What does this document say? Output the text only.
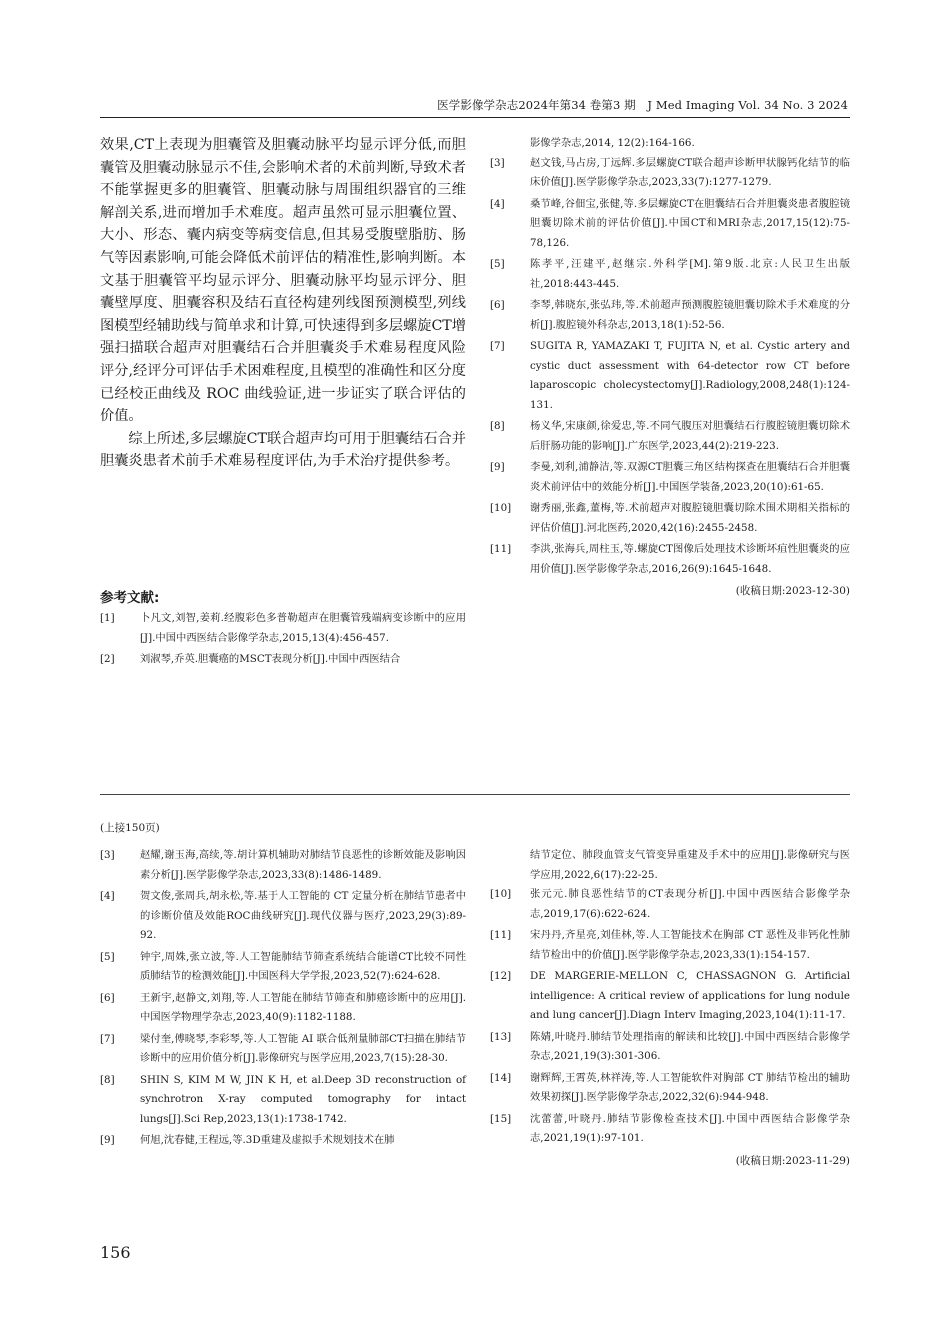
医学影像学杂志2024年第34 卷第3 期　J Med Imaging Vol. 34 No. 3 2024

效果,CT上表现为胆囊管及胆囊动脉平均显示评分低,而胆囊管及胆囊动脉显示不佳,会影响术者的术前判断,导致术者不能掌握更多的胆囊管、胆囊动脉与周围组织器官的三维解剖关系,进而增加手术难度。超声虽然可显示胆囊位置、大小、形态、囊内病变等病变信息,但其易受腹壁脂肪、肠气等因素影响,可能会降低术前评估的精准性,影响判断。本文基于胆囊管平均显示评分、胆囊动脉平均显示评分、胆囊壁厚度、胆囊容积及结石直径构建列线图预测模型,列线图模型经辅助线与简单求和计算,可快速得到多层螺旋CT增强扫描联合超声对胆囊结石合并胆囊炎手术难易程度风险评分,经评分可评估手术困难程度,且模型的准确性和区分度已经校正曲线及 ROC 曲线验证,进一步证实了联合评估的价值。

综上所述,多层螺旋CT联合超声均可用于胆囊结石合并胆囊炎患者术前手术难易程度评估,为手术治疗提供参考。

参考文献:
[1]	卜凡文,刘智,姜莉.经腹彩色多普勒超声在胆囊管残端病变诊断中的应用[J].中国中西医结合影像学杂志,2015,13(4):456-457.
[2]	刘淑琴,乔英.胆囊癌的MSCT表现分析[J].中国中西医结合
影像学杂志,2014, 12(2):164-166.
[3]	赵文钱,马占房,丁远辉.多层螺旋CT联合超声诊断甲状腺钙化结节的临床价值[J].医学影像学杂志,2023,33(7):1277-1279.
[4]	桑节峰,谷佃宝,张健,等.多层螺旋CT在胆囊结石合并胆囊炎患者腹腔镜胆囊切除术前的评估价值[J].中国CT和MRI杂志,2017,15(12):75-78,126.
[5]	陈孝平,汪建平,赵继宗.外科学[M].第9版.北京:人民卫生出版社,2018:443-445.
[6]	李琴,韩晓东,张弘玮,等.术前超声预测腹腔镜胆囊切除术手术难度的分析[J].腹腔镜外科杂志,2013,18(1):52-56.
[7]	SUGITA R, YAMAZAKI T, FUJITA N, et al. Cystic artery and cystic duct assessment with 64-detector row CT before laparoscopic cholecystectomy[J].Radiology,2008,248(1):124-131.
[8]	杨义华,宋康颜,徐爱忠,等.不同气腹压对胆囊结石行腹腔镜胆囊切除术后肝肠功能的影响[J].广东医学,2023,44(2):219-223.
[9]	李曼,刘利,浦静洁,等.双源CT胆囊三角区结构探查在胆囊结石合并胆囊炎术前评估中的效能分析[J].中国医学装备,2023,20(10):61-65.
[10]	谢秀丽,张鑫,董梅,等.术前超声对腹腔镜胆囊切除术围术期相关指标的评估价值[J].河北医药,2020,42(16):2455-2458.
[11]	李洪,张海兵,周柱玉,等.螺旋CT图像后处理技术诊断坏疽性胆囊炎的应用价值[J].医学影像学杂志,2016,26(9):1645-1648.
(收稿日期:2023-12-30)
(上接150页)
[3]	赵耀,谢玉海,高续,等.胡计算机辅助对肺结节良恶性的诊断效能及影响因素分析[J].医学影像学杂志,2023,33(8):1486-1489.
[4]	贺文俊,张周兵,胡永松,等.基于人工智能的 CT 定量分析在肺结节患者中的诊断价值及效能ROC曲线研究[J].现代仪器与医疗,2023,29(3):89-92.
[5]	钟宇,周姝,张立波,等.人工智能肺结节筛查系统结合能谱CT比较不同性质肺结节的检测效能[J].中国医科大学学报,2023,52(7):624-628.
[6]	王新宇,赵静文,刘翔,等.人工智能在肺结节筛查和肺癌诊断中的应用[J].中国医学物理学杂志,2023,40(9):1182-1188.
[7]	梁付奎,傅晓琴,李彩琴,等.人工智能 AI 联合低剂量肺部CT扫描在肺结节诊断中的应用价值分析[J].影像研究与医学应用,2023,7(15):28-30.
[8]	SHIN S, KIM M W, JIN K H, et al.Deep 3D reconstruction of synchrotron X-ray computed tomography for intact lungs[J].Sci Rep,2023,13(1):1738-1742.
[9]	何旭,沈春健,王程远,等.3D重建及虚拟手术规划技术在肺
结节定位、肺段血管支气管变异重建及手术中的应用[J].影像研究与医学应用,2022,6(17):22-25.
[10]	张元元.肺良恶性结节的CT表现分析[J].中国中西医结合影像学杂志,2019,17(6):622-624.
[11]	宋丹丹,齐星亮,刘佳林,等.人工智能技术在胸部 CT 恶性及非钙化性肺结节检出中的价值[J].医学影像学杂志,2023,33(1):154-157.
[12]	DE MARGERIE-MELLON C, CHASSAGNON G. Artificial intelligence: A critical review of applications for lung nodule and lung cancer[J].Diagn Interv Imaging,2023,104(1):11-17.
[13]	陈婧,叶晓丹.肺结节处理指南的解读和比较[J].中国中西医结合影像学杂志,2021,19(3):301-306.
[14]	谢辉辉,王霄英,林祥涛,等.人工智能软件对胸部 CT 肺结节检出的辅助效果初探[J].医学影像学杂志,2022,32(6):944-948.
[15]	沈蕾蕾,叶晓丹.肺结节影像检查技术[J].中国中西医结合影像学杂志,2021,19(1):97-101.
(收稿日期:2023-11-29)
156
